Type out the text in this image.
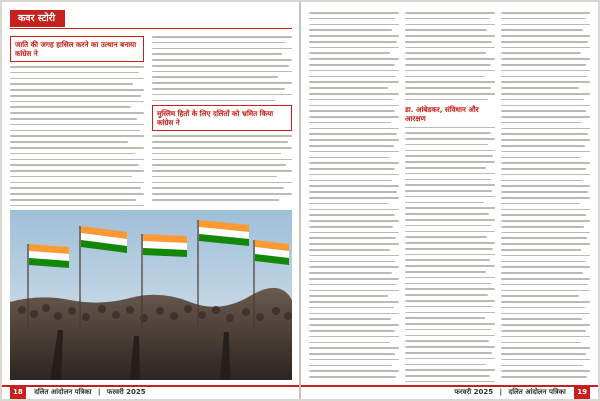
कवर स्टोरी
जाति की जगह हासिल करने का उत्थान बनाया कांग्रेस ने
मुस्लिम हितों के लिए दलितों को भ्रमित किया कांग्रेस ने
18 दलित आंदोलन पत्रिका | फरवरी 2025
डा. आंबेडकर, संविधान और आरक्षण
फरवरी 2025 | दलित आंदोलन पत्रिका 19
